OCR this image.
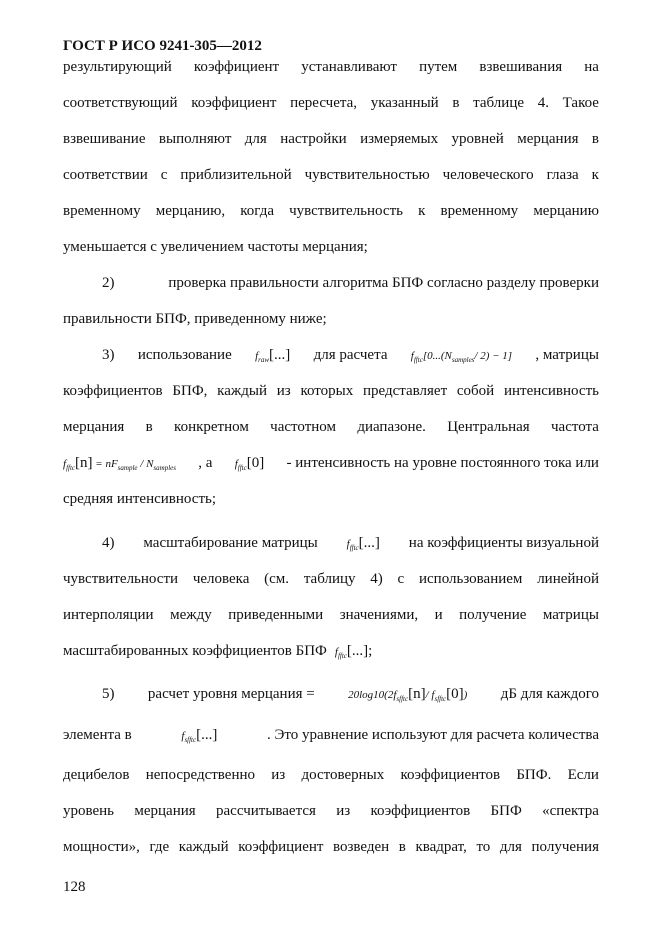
ГОСТ Р ИСО 9241-305—2012
результирующий коэффициент устанавливают путем взвешивания на
соответствующий коэффициент пересчета, указанный в таблице 4. Такое
взвешивание выполняют для настройки измеряемых уровней мерцания в
соответствии с приблизительной чувствительностью человеческого глаза к
временному мерцанию, когда чувствительность к временному мерцанию
уменьшается с увеличением частоты мерцания;
2)	проверка правильности алгоритма БПФ согласно разделу проверки
правильности БПФ, приведенному ниже;
3) использование $f_{raw}[...]$ для расчета $f_{fftc}[0...(N_{samples}/$ 2) − 1] , матрицы
коэффициентов БПФ, каждый из которых представляет собой интенсивность
мерцания в конкретном частотном диапазоне. Центральная частота
$f_{fftc}[n] = nF_{sample} / N_{samples}$ , а $f_{fftc}[0]$ - интенсивность на уровне постоянного тока или
средняя интенсивность;
4) масштабирование матрицы	$f_{fftc}[...]$ на коэффициенты визуальной
чувствительности человека (см. таблицу 4) с использованием линейной
интерполяции между приведенными значениями, и получение матрицы
масштабированных коэффициентов БПФ $f_{fftc}[...]$;
5) расчет уровня мерцания =	$20\log 10(2f_{sfftc}[n]/$ $f_{sfftc}[0]$) дБ для каждого
элемента в	$f_{sfftc}[...]$	. Это уравнение используют для расчета количества
децибелов непосредственно из достоверных коэффициентов БПФ. Если
уровень мерцания рассчитывается из коэффициентов БПФ «спектра
мощности», где каждый коэффициент возведен в квадрат, то для получения
128
